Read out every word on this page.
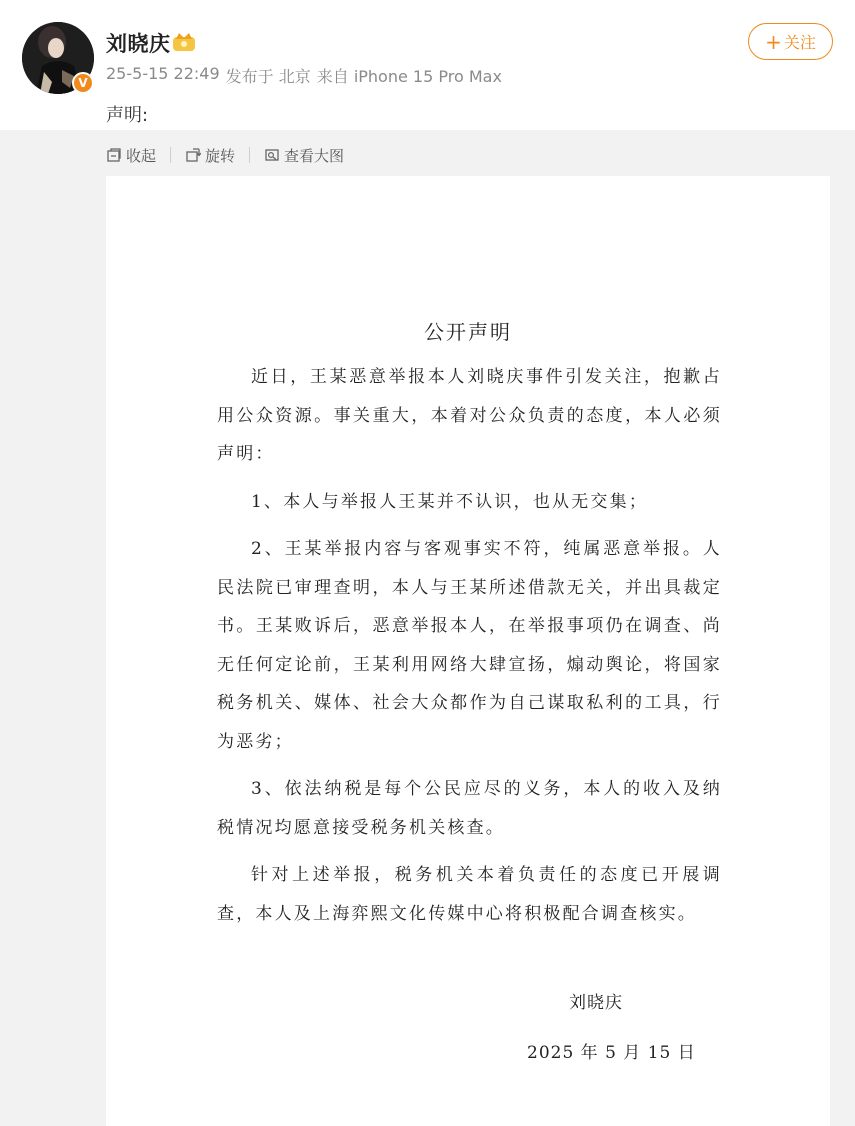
V
刘晓庆
25-5-15 22:49 发布于 北京 来自 iPhone 15 Pro Max
+ 关注
声明:
收起	旋转	查看大图
公开声明

近日，王某恶意举报本人刘晓庆事件引发关注，抱歉占用公众资源。事关重大，本着对公众负责的态度，本人必须声明：

1、本人与举报人王某并不认识，也从无交集；

2、王某举报内容与客观事实不符，纯属恶意举报。人民法院已审理查明，本人与王某所述借款无关，并出具裁定书。王某败诉后，恶意举报本人，在举报事项仍在调查、尚无任何定论前，王某利用网络大肆宣扬，煽动舆论，将国家税务机关、媒体、社会大众都作为自己谋取私利的工具，行为恶劣；

3、依法纳税是每个公民应尽的义务，本人的收入及纳税情况均愿意接受税务机关核查。

针对上述举报，税务机关本着负责任的态度已开展调查，本人及上海弈熙文化传媒中心将积极配合调查核实。

刘晓庆
2025 年 5 月 15 日
